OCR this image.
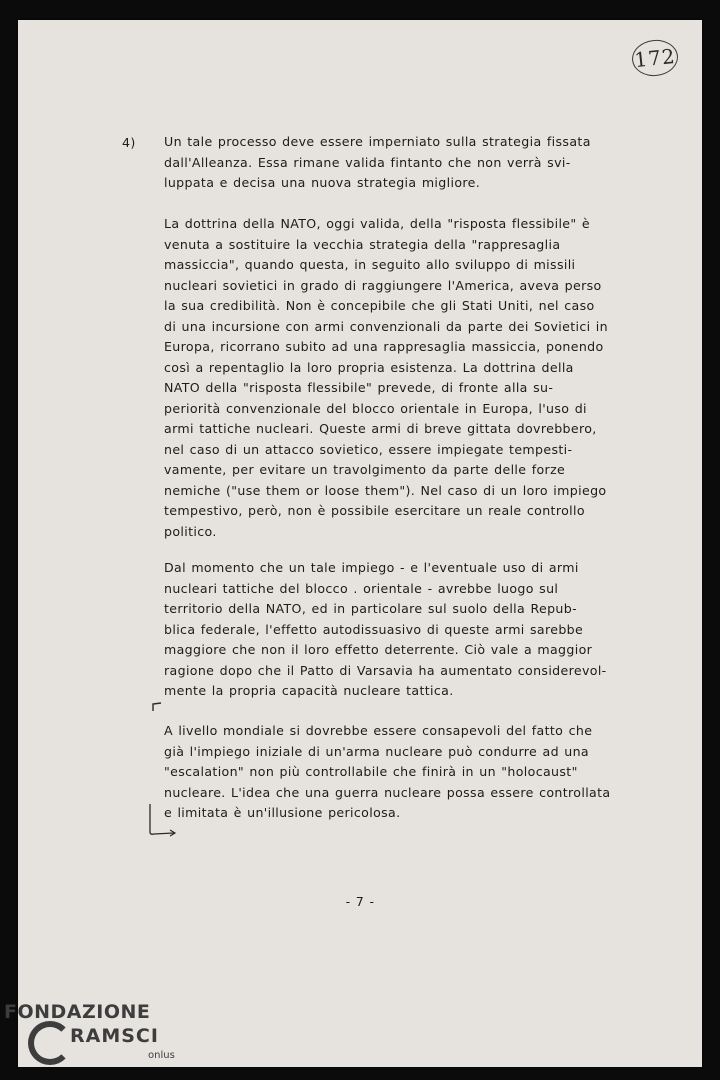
172
4) Un tale processo deve essere imperniato sulla strategia fissata
dall'Alleanza. Essa rimane valida fintanto che non verrà svi-
luppata e decisa una nuova strategia migliore.
La dottrina della NATO, oggi valida, della "risposta flessibile" è
venuta a sostituire la vecchia strategia della "rappresaglia
massiccia", quando questa, in seguito allo sviluppo di missili
nucleari sovietici in grado di raggiungere l'America, aveva perso
la sua credibilità. Non è concepibile che gli Stati Uniti, nel caso
di una incursione con armi convenzionali da parte dei Sovietici in
Europa, ricorrano subito ad una rappresaglia massiccia, ponendo
così a repentaglio la loro propria esistenza. La dottrina della
NATO della "risposta flessibile" prevede, di fronte alla su-
periorità convenzionale del blocco orientale in Europa, l'uso di
armi tattiche nucleari. Queste armi di breve gittata dovrebbero,
nel caso di un attacco sovietico, essere impiegate tempesti-
vamente, per evitare un travolgimento da parte delle forze
nemiche ("use them or loose them"). Nel caso di un loro impiego
tempestivo, però, non è possibile esercitare un reale controllo
politico.
Dal momento che un tale impiego - e l'eventuale uso di armi
nucleari tattiche del blocco . orientale - avrebbe luogo sul
territorio della NATO, ed in particolare sul suolo della Repub-
blica federale, l'effetto autodissuasivo di queste armi sarebbe
maggiore che non il loro effetto deterrente. Ciò vale a maggior
ragione dopo che il Patto di Varsavia ha aumentato considerevol-
mente la propria capacità nucleare tattica.
A livello mondiale si dovrebbe essere consapevoli del fatto che
già l'impiego iniziale di un'arma nucleare può condurre ad una
"escalation" non più controllabile che finirà in un "holocaust"
nucleare. L'idea che una guerra nucleare possa essere controllata
e limitata è un'illusione pericolosa.
- 7 -
FONDAZIONE
RAMSCI
onlus
